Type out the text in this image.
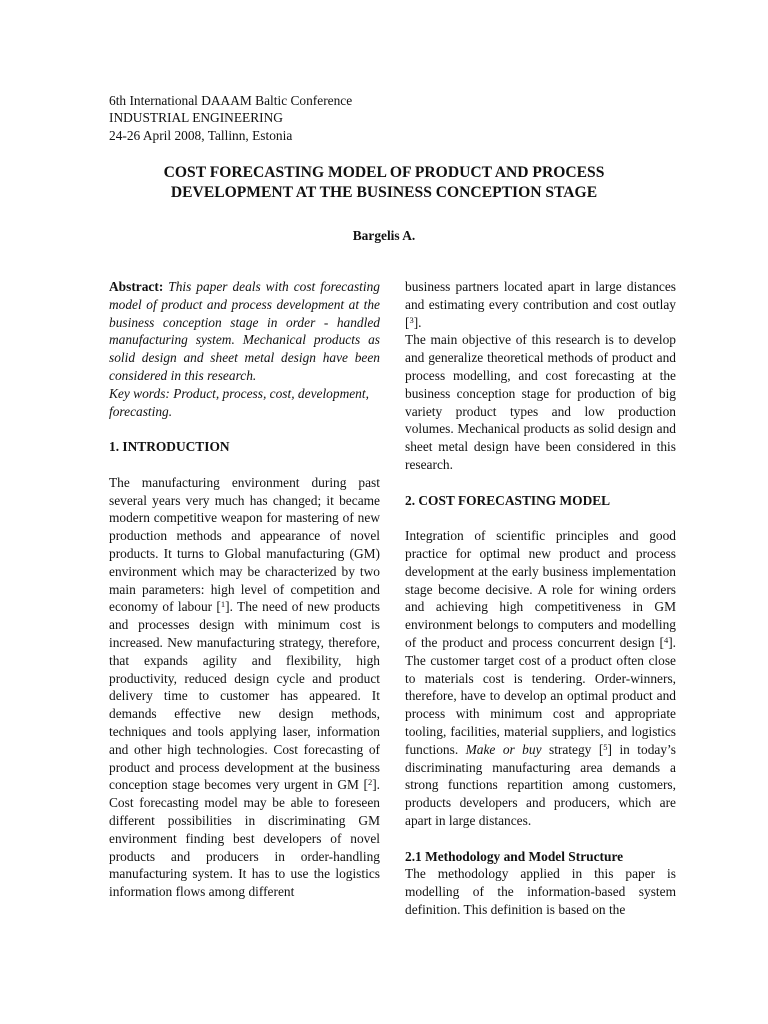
6th International DAAAM Baltic Conference
INDUSTRIAL ENGINEERING
24-26 April 2008, Tallinn, Estonia
COST FORECASTING MODEL OF PRODUCT AND PROCESS
DEVELOPMENT AT THE BUSINESS CONCEPTION STAGE
Bargelis A.

Abstract: This paper deals with cost forecasting model of product and process development at the business conception stage in order - handled manufacturing system. Mechanical products as solid design and sheet metal design have been considered in this research.

Key words: Product, process, cost, development, forecasting.

1. INTRODUCTION

The manufacturing environment during past several years very much has changed; it became modern competitive weapon for mastering of new production methods and appearance of novel products. It turns to Global manufacturing (GM) environment which may be characterized by two main parameters: high level of competition and economy of labour [$^1$]. The need of new products and processes design with minimum cost is increased. New manufacturing strategy, therefore, that expands agility and flexibility, high productivity, reduced design cycle and product delivery time to customer has appeared. It demands effective new design methods, techniques and tools applying laser, information and other high technologies. Cost forecasting of product and process development at the business conception stage becomes very urgent in GM [$^2$]. Cost forecasting model may be able to foreseen different possibilities in discriminating GM environment finding best developers of novel products and producers in order-handling manufacturing system. It has to use the logistics information flows among different

business partners located apart in large distances and estimating every contribution and cost outlay [$^3$].

The main objective of this research is to develop and generalize theoretical methods of product and process modelling, and cost forecasting at the business conception stage for production of big variety product types and low production volumes. Mechanical products as solid design and sheet metal design have been considered in this research.

2. COST FORECASTING MODEL

Integration of scientific principles and good practice for optimal new product and process development at the early business implementation stage become decisive. A role for wining orders and achieving high competitiveness in GM environment belongs to computers and modelling of the product and process concurrent design [$^4$]. The customer target cost of a product often close to materials cost is tendering. Order-winners, therefore, have to develop an optimal product and process with minimum cost and appropriate tooling, facilities, material suppliers, and logistics functions. Make or buy strategy [$^5$] in today’s discriminating manufacturing area demands a strong functions repartition among customers, products developers and producers, which are apart in large distances.

2.1 Methodology and Model Structure

The methodology applied in this paper is modelling of the information-based system definition. This definition is based on the
